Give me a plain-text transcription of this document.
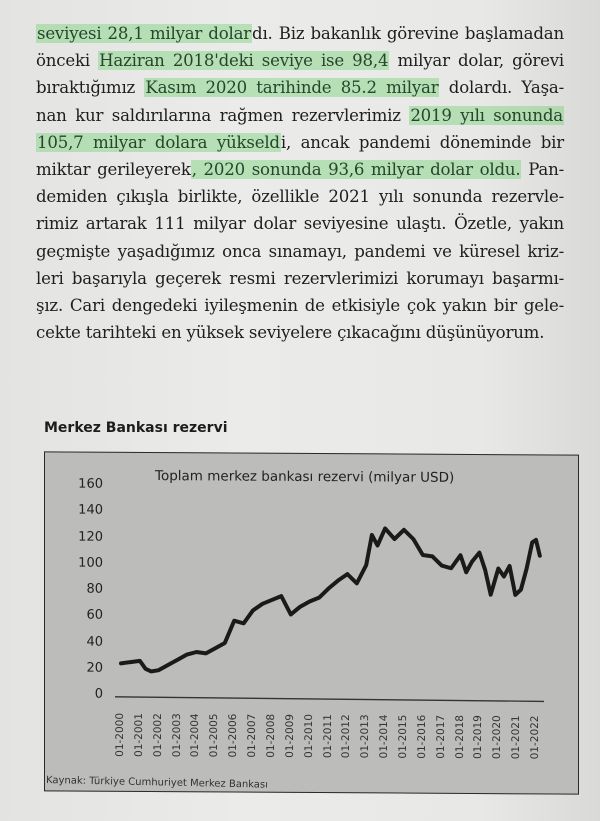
seviyesi 28,1 milyar dolardı. Biz bakanlık görevine başlamadan
önceki Haziran 2018'deki seviye ise 98,4 milyar dolar, görevi
bıraktığımız Kasım 2020 tarihinde 85.2 milyar dolardı. Yaşa-
nan kur saldırılarına rağmen rezervlerimiz 2019 yılı sonunda
105,7 milyar dolara yükseldi, ancak pandemi döneminde bir
miktar gerileyerek, 2020 sonunda 93,6 milyar dolar oldu. Pan-
demiden çıkışla birlikte, özellikle 2021 yılı sonunda rezervle-
rimiz artarak 111 milyar dolar seviyesine ulaştı. Özetle, yakın
geçmişte yaşadığımız onca sınamayı, pandemi ve küresel kriz-
leri başarıyla geçerek resmi rezervlerimizi korumayı başarmı-
şız. Cari dengedeki iyileşmenin de etkisiyle çok yakın bir gele-
cekte tarihteki en yüksek seviyelere çıkacağını düşünüyorum.
Merkez Bankası rezervi
Toplam merkez bankası rezervi (milyar USD)
0
20
40
60
80
100
120
140
160
01-2000 01-2001 01-2002 01-2003 01-2004 01-2005 01-2006 01-2007 01-2008 01-2009 01-2010 01-2011 01-2012 01-2013 01-2014 01-2015 01-2016 01-2017 01-2018 01-2019 01-2020 01-2021 01-2022
Kaynak: Türkiye Cumhuriyet Merkez Bankası
